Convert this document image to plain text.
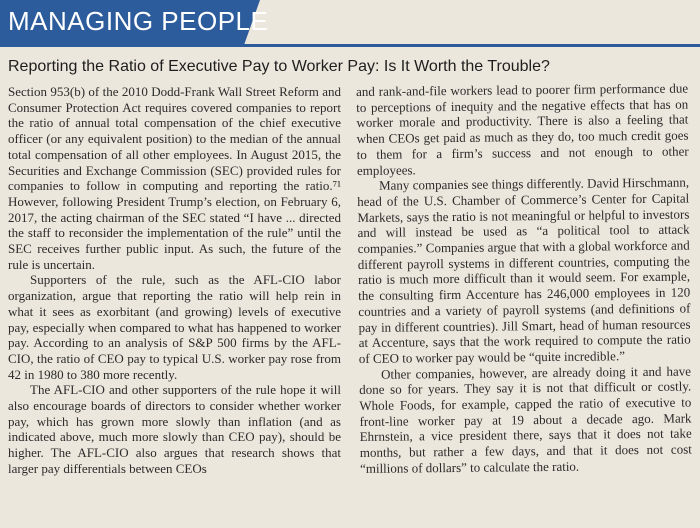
MANAGING PEOPLE
Reporting the Ratio of Executive Pay to Worker Pay: Is It Worth the Trouble?

Section 953(b) of the 2010 Dodd-Frank Wall Street Reform and Consumer Protection Act requires covered companies to report the ratio of annual total compensation of the chief executive officer (or any equivalent position) to the median of the annual total compensation of all other employees. In August 2015, the Securities and Exchange Commission (SEC) provided rules for companies to follow in computing and reporting the ratio.⁷¹ However, following President Trump’s election, on February 6, 2017, the acting chairman of the SEC stated “I have ... directed the staff to reconsider the implementation of the rule” until the SEC receives further public input. As such, the future of the rule is uncertain.

Supporters of the rule, such as the AFL-CIO labor organization, argue that reporting the ratio will help rein in what it sees as exorbitant (and growing) levels of executive pay, especially when compared to what has happened to worker pay. According to an analysis of S&P 500 firms by the AFL-CIO, the ratio of CEO pay to typical U.S. worker pay rose from 42 in 1980 to 380 more recently.

The AFL-CIO and other supporters of the rule hope it will also encourage boards of directors to consider whether worker pay, which has grown more slowly than inflation (and as indicated above, much more slowly than CEO pay), should be higher. The AFL-CIO also argues that research shows that larger pay differentials between CEOs

and rank-and-file workers lead to poorer firm performance due to perceptions of inequity and the negative effects that has on worker morale and productivity. There is also a feeling that when CEOs get paid as much as they do, too much credit goes to them for a firm’s success and not enough to other employees.

Many companies see things differently. David Hirschmann, head of the U.S. Chamber of Commerce’s Center for Capital Markets, says the ratio is not meaningful or helpful to investors and will instead be used as “a political tool to attack companies.” Companies argue that with a global workforce and different payroll systems in different countries, computing the ratio is much more difficult than it would seem. For example, the consulting firm Accenture has 246,000 employees in 120 countries and a variety of payroll systems (and definitions of pay in different countries). Jill Smart, head of human resources at Accenture, says that the work required to compute the ratio of CEO to worker pay would be “quite incredible.”

Other companies, however, are already doing it and have done so for years. They say it is not that difficult or costly. Whole Foods, for example, capped the ratio of executive to front-line worker pay at 19 about a decade ago. Mark Ehrnstein, a vice president there, says that it does not take months, but rather a few days, and that it does not cost “millions of dollars” to calculate the ratio.
